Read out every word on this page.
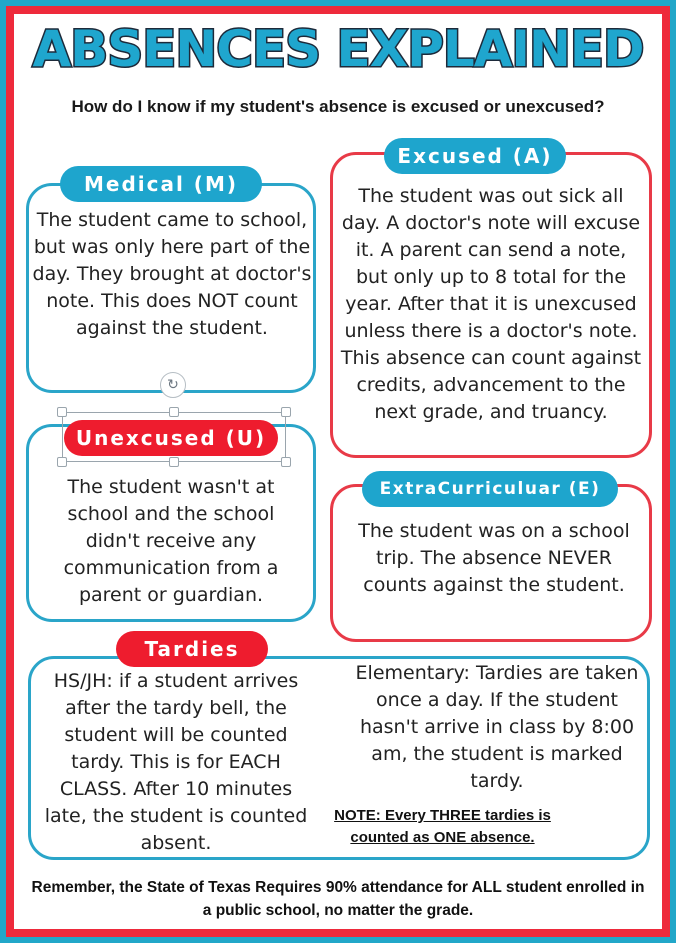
ABSENCES EXPLAINED
How do I know if my student's absence is excused or unexcused?
Medical (M)
The student came to school, but was only here part of the day. They brought at doctor's note. This does NOT count against the student.
Excused (A)
The student was out sick all day. A doctor's note will excuse it. A parent can send a note, but only up to 8 total for the year. After that it is unexcused unless there is a doctor's note. This absence can count against credits, advancement to the next grade, and truancy.
Unexcused (U)
The student wasn't at school and the school didn't receive any communication from a parent or guardian.
↻
ExtraCurriculuar (E)
The student was on a school trip. The absence NEVER counts against the student.
Tardies
HS/JH: if a student arrives after the tardy bell, the student will be counted tardy. This is for EACH CLASS. After 10 minutes late, the student is counted absent.
Elementary: Tardies are taken once a day. If the student hasn't arrive in class by 8:00 am, the student is marked tardy.
NOTE: Every THREE tardies is counted as ONE absence.
Remember, the State of Texas Requires 90% attendance for ALL student enrolled in a public school, no matter the grade.
